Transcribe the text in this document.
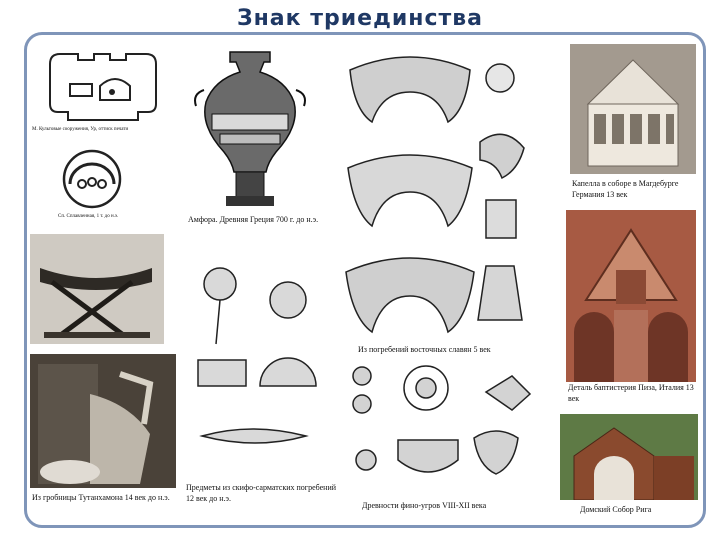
Знак триединства
М. Культовые сооружения, Ур, оттиск печати
Сп. Сплавленная, 1 т. до н.э.	Амфора. Древняя Греция 700 г. до н.э.
Из погребений восточных славян 5 век
Капелла в соборе в Магдебурге Германия 13 век
Деталь баптистерия Пиза, Италия 13 век
Из гробницы Тутанхамона 14 век до н.э.
Предметы из скифо-сарматских погребений 12 век до н.э.
Древности фино-угров VIII-XII века	Домский Собор Рига
